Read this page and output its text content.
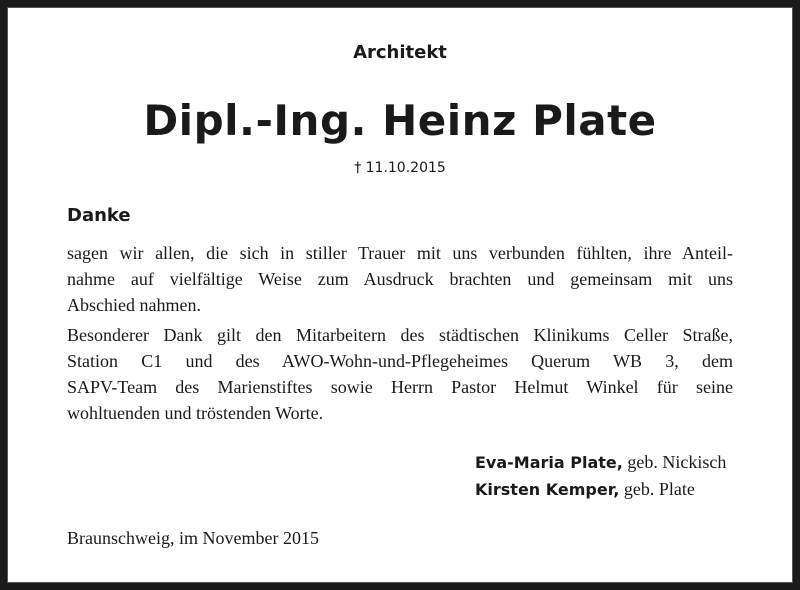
Architekt
Dipl.-Ing. Heinz Plate
† 11.10.2015
Danke
sagen wir allen, die sich in stiller Trauer mit uns verbunden fühlten, ihre Anteil-
nahme auf vielfältige Weise zum Ausdruck brachten und gemeinsam mit uns
Abschied nahmen.
Besonderer Dank gilt den Mitarbeitern des städtischen Klinikums Celler Straße,
Station C1 und des AWO-Wohn-und-Pflegeheimes Querum WB 3, dem
SAPV-Team des Marienstiftes sowie Herrn Pastor Helmut Winkel für seine
wohltuenden und tröstenden Worte.
Eva-Maria Plate, geb. Nickisch
Kirsten Kemper, geb. Plate
Braunschweig, im November 2015
